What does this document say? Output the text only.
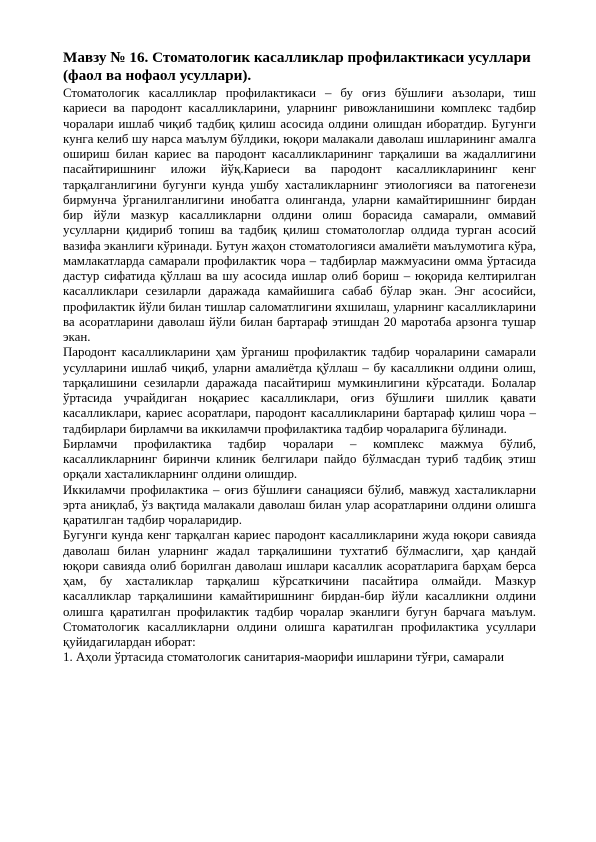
Мавзу № 16. Стоматологик касалликлар профилактикаси усуллари
(фаол ва нофаол усуллари).

Стоматологик касалликлар профилактикаси – бу оғиз бўшлиғи аъзолари, тиш кариеси ва пародонт касалликларини, уларнинг ривожланишини комплекс тадбир чоралари ишлаб чиқиб тадбиқ қилиш асосида олдини олишдан иборатдир. Бугунги кунга келиб шу нарса маълум бўлдики, юқори малакали даволаш ишларининг амалга ошириш билан кариес ва пародонт касалликларининг тарқалиши ва жадаллигини пасайтиришнинг иложи йўқ.Кариеси ва пародонт касалликларининг кенг тарқалганлигини бугунги кунда ушбу хасталикларнинг этиологияси ва патогенези бирмунча ўрганилганлигини инобатга олинганда, уларни камайтиришнинг бирдан бир йўли мазкур касалликларни олдини олиш борасида самарали, оммавий усулларни қидириб топиш ва тадбиқ қилиш стоматологлар олдида турган асосий вазифа эканлиги кўринади. Бутун жаҳон стоматологияси амалиёти маълумотига кўра, мамлакатларда самарали профилактик чора – тадбирлар мажмуасини омма ўртасида дастур сифатида қўллаш ва шу асосида ишлар олиб бориш – юқорида келтирилган касалликлари сезиларли даражада камайишига сабаб бўлар экан. Энг асосийси, профилактик йўли билан тишлар саломатлигини яхшилаш, уларнинг касалликларини ва асоратларини даволаш йўли билан бартараф этишдан 20 маротаба арзонга тушар экан.

Пародонт касалликларини ҳам ўрганиш профилактик тадбир чораларини самарали усулларини ишлаб чиқиб, уларни амалиётда қўллаш – бу касалликни олдини олиш, тарқалишини сезиларли даражада пасайтириш мумкинлигини кўрсатади. Болалар ўртасида учрайдиган ноқариес касалликлари, оғиз бўшлиғи шиллик қавати касалликлари, кариес асоратлари, пародонт касалликларини бартараф қилиш чора – тадбирлари бирламчи ва иккиламчи профилактика тадбир чораларига бўлинади.

Бирламчи профилактика тадбир чоралари – комплекс мажмуа бўлиб, касалликларнинг биринчи клиник белгилари пайдо бўлмасдан туриб тадбиқ этиш орқали хасталикларнинг олдини олишдир.

Иккиламчи профилактика – оғиз бўшлиғи санацияси бўлиб, мавжуд хасталикларни эрта аниқлаб, ўз вақтида малакали даволаш билан улар асоратларини олдини олишга қаратилган тадбир чораларидир.

Бугунги кунда кенг тарқалган кариес пародонт касалликларини жуда юқори савияда даволаш билан уларнинг жадал тарқалишини тухтатиб бўлмаслиги, ҳар қандай юқори савияда олиб борилган даволаш ишлари касаллик асоратларига барҳам берса ҳам, бу хасталиклар тарқалиш кўрсаткичини пасайтира олмайди. Мазкур касалликлар тарқалишини камайтиришнинг бирдан-бир йўли касалликни олдини олишга қаратилган профилактик тадбир чоралар эканлиги бугун барчага маълум. Стоматологик касалликларни олдини олишга каратилган профилактика усуллари қуйидагилардан иборат:

1. Аҳоли ўртасида стоматологик санитария-маорифи ишларини тўғри, самарали
